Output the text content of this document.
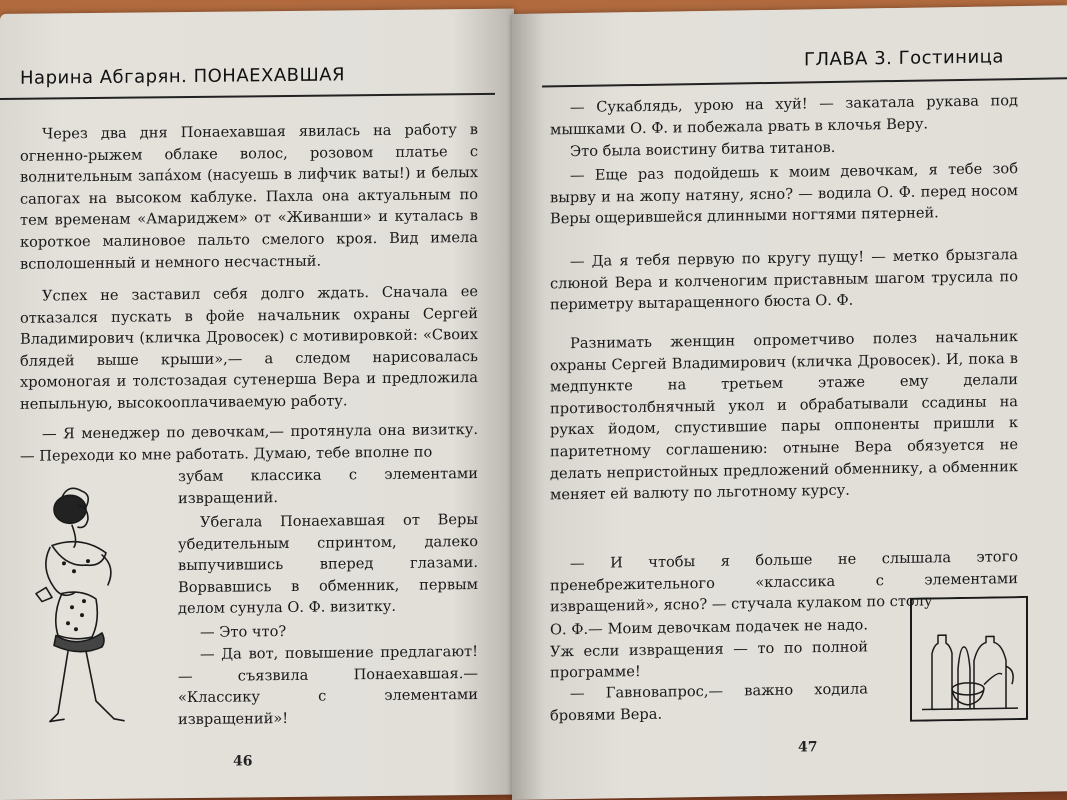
Нарина Абгарян. ПОНАЕХАВШАЯ

Через два дня Понаехавшая явилась на работу в огненно-рыжем облаке волос, розовом платье с волнительным запáхом (насуешь в лифчик ваты!) и белых сапогах на высоком каблуке. Пахла она актуальным по тем временам «Амариджем» от «Живанши» и куталась в короткое малиновое пальто смелого кроя. Вид имела всполошенный и немного несчастный.

Успех не заставил себя долго ждать. Сначала ее отказался пускать в фойе начальник охраны Сергей Владимирович (кличка Дровосек) с мотивировкой: «Своих блядей выше крыши»,— а следом нарисовалась хромоногая и толстозадая сутенерша Вера и предложила непыльную, высокооплачиваемую работу.

— Я менеджер по девочкам,— протянула она визитку.— Переходи ко мне работать. Думаю, тебе вполне по

зубам классика с элементами извращений.

Убегала Понаехавшая от Веры убедительным спринтом, далеко выпучившись вперед глазами. Ворвавшись в обменник, первым делом сунула О. Ф. визитку.

— Это что?

— Да вот, повышение предлагают! — съязвила Понаехавшая.— «Классику с элементами извращений»!

46
ГЛАВА 3. Гостиница

— Сукаблядь, урою на хуй! — закатала рукава под мышками О. Ф. и побежала рвать в клочья Веру.

Это была воистину битва титанов.

— Еще раз подойдешь к моим девочкам, я тебе зоб вырву и на жопу натяну, ясно? — водила О. Ф. перед носом Веры ощерившейся длинными ногтями пятерней.

— Да я тебя первую по кругу пущу! — метко брызгала слюной Вера и колченогим приставным шагом трусила по периметру вытаращенного бюста О. Ф.

Разнимать женщин опрометчиво полез начальник охраны Сергей Владимирович (кличка Дровосек). И, пока в медпункте на третьем этаже ему делали противостолбнячный укол и обрабатывали ссадины на руках йодом, спустившие пары оппоненты пришли к паритетному соглашению: отныне Вера обязуется не делать непристойных предложений обменнику, а обменник меняет ей валюту по льготному курсу.

— И чтобы я больше не слышала этого пренебрежительного «классика с элементами извращений», ясно? — стучала кулаком по столу

О. Ф.— Моим девочкам подачек не надо. Уж если извращения — то по полной программе!

— Гавновапрос,— важно ходила бровями Вера.

47
